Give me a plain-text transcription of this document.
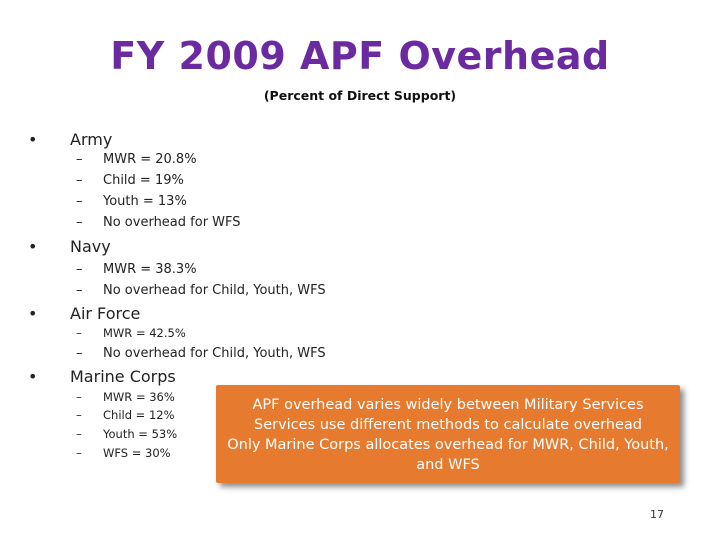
FY 2009 APF Overhead
(Percent of Direct Support)
• Army
– MWR = 20.8%
– Child = 19%
– Youth = 13%
– No overhead for WFS
• Navy
– MWR = 38.3%
– No overhead for Child, Youth, WFS
• Air Force
– MWR = 42.5%
– No overhead for Child, Youth, WFS
• Marine Corps
– MWR = 36%
– Child = 12%
– Youth = 53%
– WFS = 30%
APF overhead varies widely between Military Services
Services use different methods to calculate overhead
Only Marine Corps allocates overhead for MWR, Child, Youth,
and WFS
17
